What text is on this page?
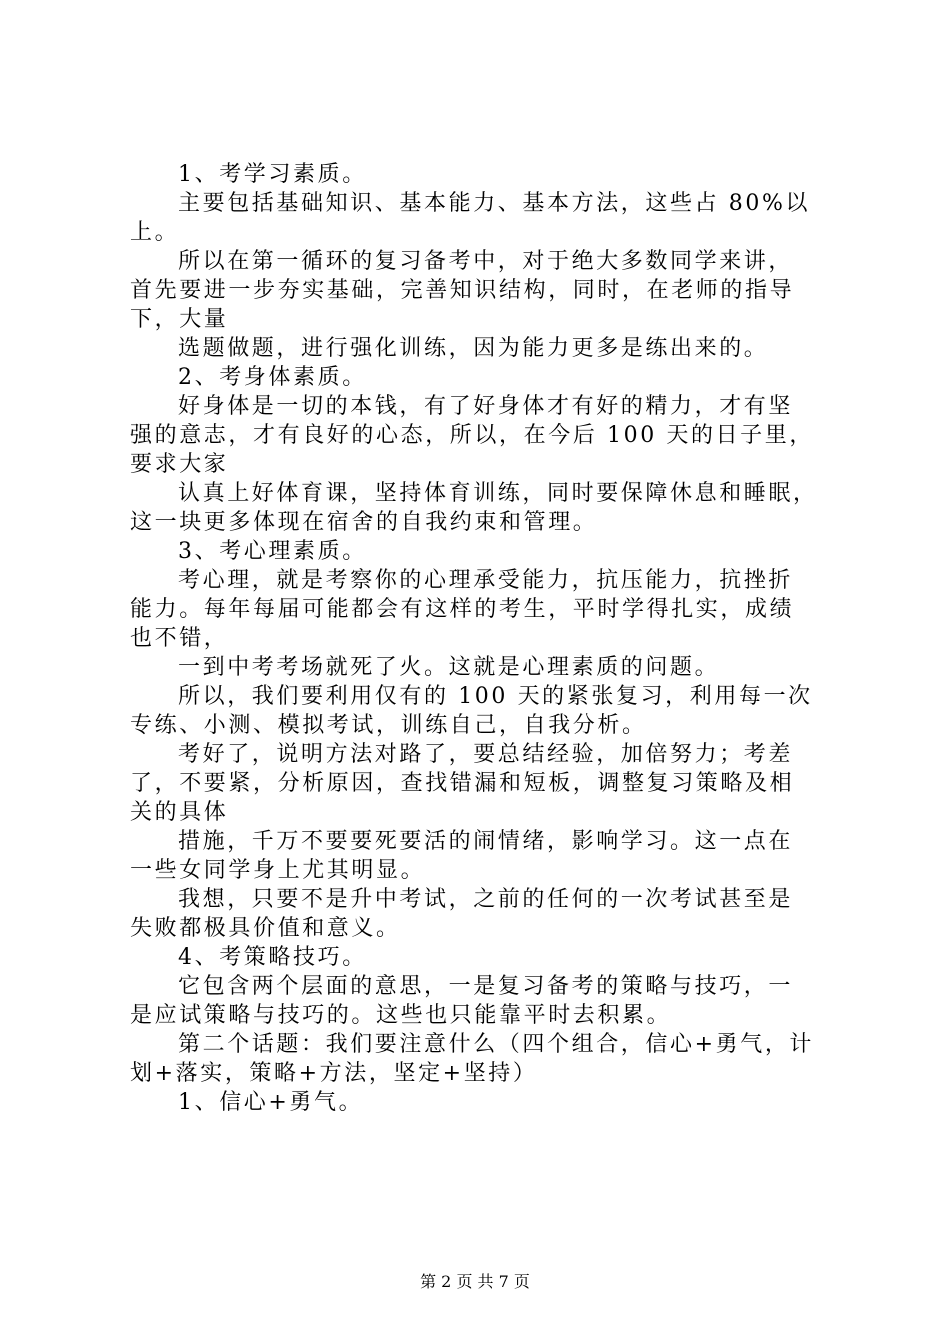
1、考学习素质。
主要包括基础知识、基本能力、基本方法，这些占 80%以
上。
所以在第一循环的复习备考中，对于绝大多数同学来讲，
首先要进一步夯实基础，完善知识结构，同时，在老师的指导
下，大量
选题做题，进行强化训练，因为能力更多是练出来的。
2、考身体素质。
好身体是一切的本钱，有了好身体才有好的精力，才有坚
强的意志，才有良好的心态，所以，在今后 100 天的日子里，
要求大家
认真上好体育课，坚持体育训练，同时要保障休息和睡眠，
这一块更多体现在宿舍的自我约束和管理。
3、考心理素质。
考心理，就是考察你的心理承受能力，抗压能力，抗挫折
能力。每年每届可能都会有这样的考生，平时学得扎实，成绩
也不错，
一到中考考场就死了火。这就是心理素质的问题。
所以，我们要利用仅有的 100 天的紧张复习，利用每一次
专练、小测、模拟考试，训练自己，自我分析。
考好了，说明方法对路了，要总结经验，加倍努力；考差
了，不要紧，分析原因，查找错漏和短板，调整复习策略及相
关的具体
措施，千万不要要死要活的闹情绪，影响学习。这一点在
一些女同学身上尤其明显。
我想，只要不是升中考试，之前的任何的一次考试甚至是
失败都极具价值和意义。
4、考策略技巧。
它包含两个层面的意思，一是复习备考的策略与技巧，一
是应试策略与技巧的。这些也只能靠平时去积累。
第二个话题：我们要注意什么（四个组合，信心+勇气，计
划+落实，策略+方法，坚定+坚持）
1、信心+勇气。
第 2 页 共 7 页
